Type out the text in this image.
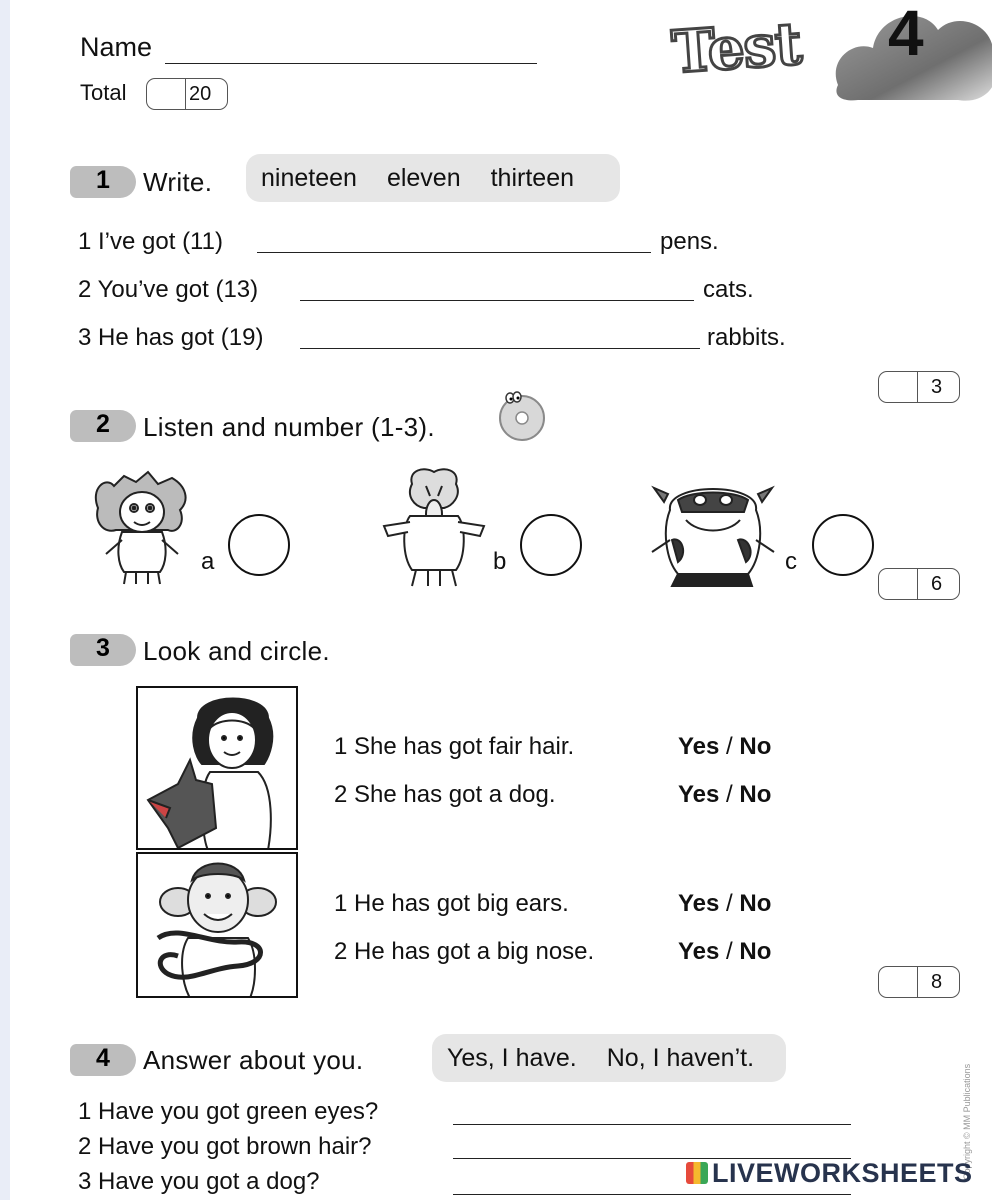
Name
Total	20
Test 4
1 Write. nineteen eleven thirteen
1 I’ve got (11)	pens.
2 You’ve got (13)	cats.
3 He has got (19)	rabbits.
3
2 Listen and number (1-3).
a	b	c
6
3 Look and circle.
1 She has got fair hair.	Yes / No
2 She has got a dog.	Yes / No
1 He has got big ears.	Yes / No
2 He has got a big nose.	Yes / No
8
4 Answer about you.	Yes, I have. No, I haven’t.
1 Have you got green eyes?
2 Have you got brown hair?
3 Have you got a dog?
Copyright © MM Publications
LIVEWORKSHEETS
